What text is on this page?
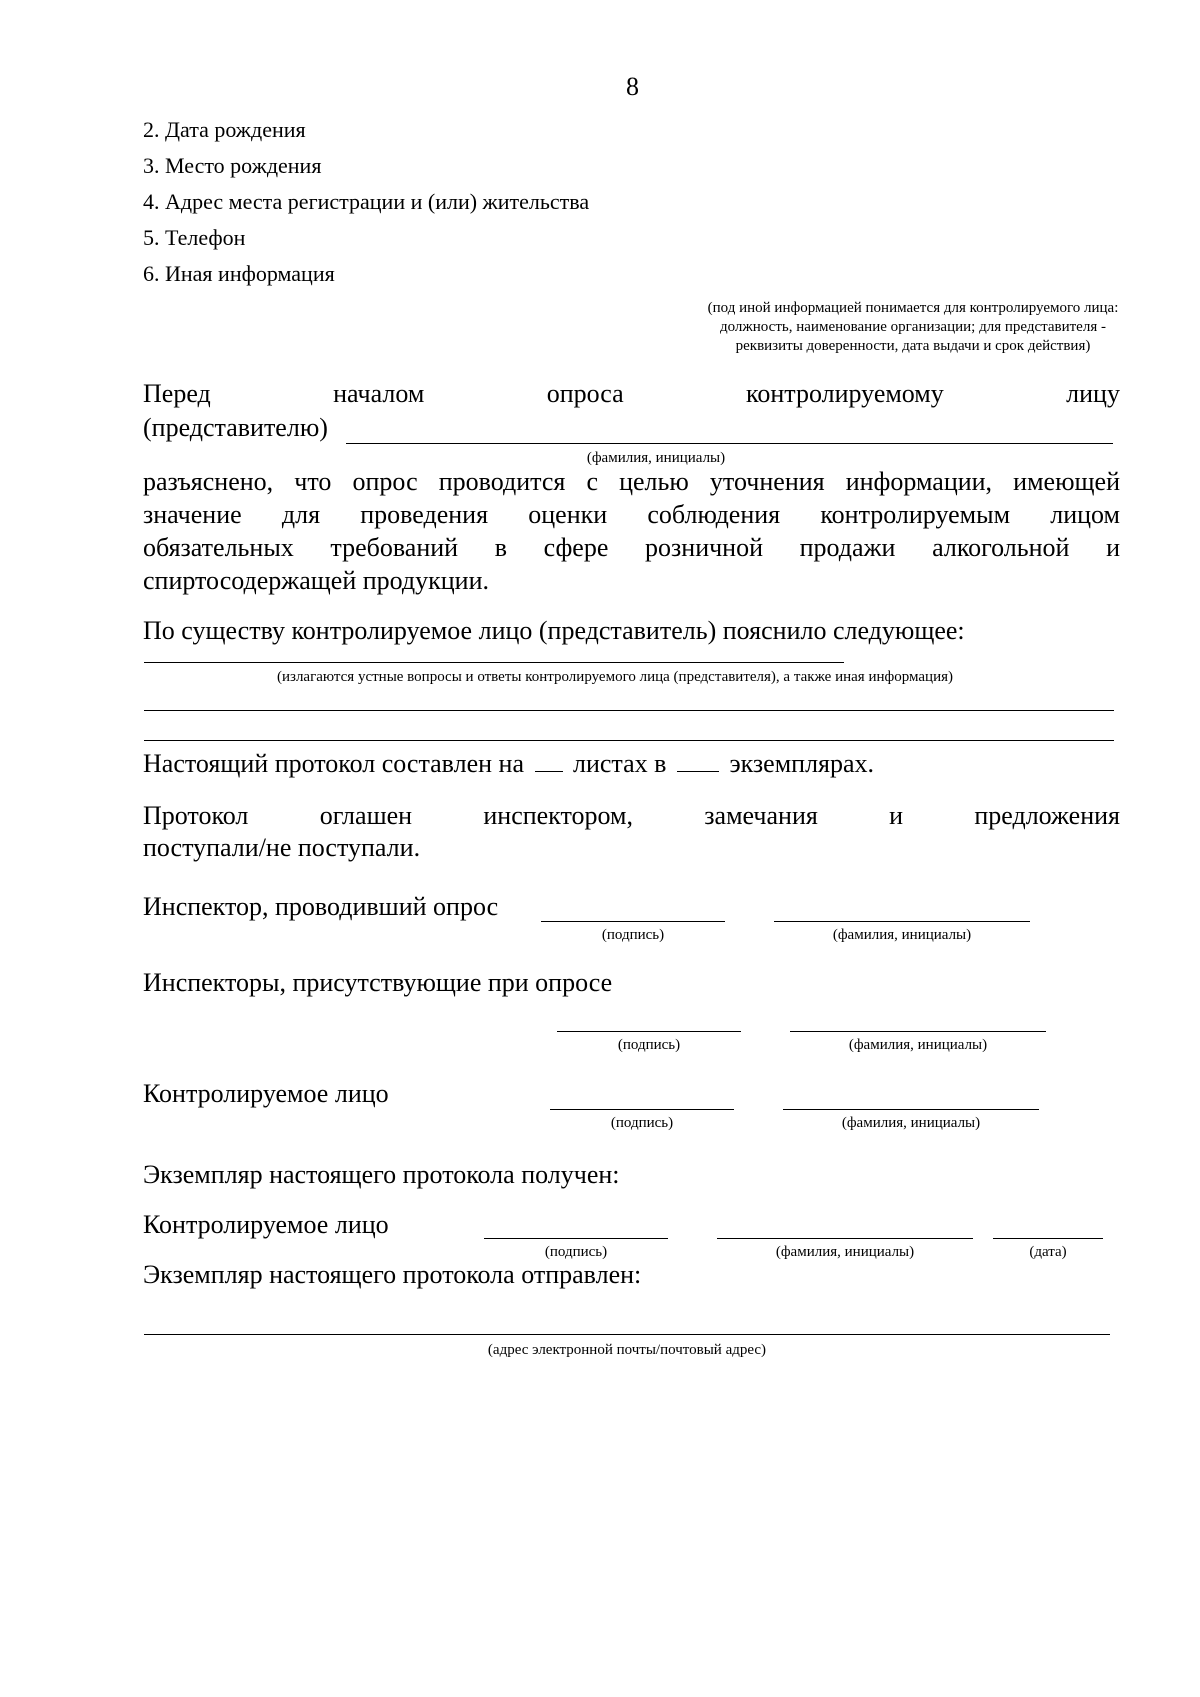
8
2. Дата рождения
3. Место рождения
4. Адрес места регистрации и (или) жительства
5. Телефон
6. Иная информация
(под иной информацией понимается для контролируемого лица:
должность, наименование организации; для представителя -
реквизиты доверенности, дата выдачи и срок действия)
Перед	началом	опроса	контролируемому	лицу
(представителю)
(фамилия, инициалы)
разъяснено, что опрос проводится с целью уточнения информации, имеющей
значение для проведения оценки соблюдения контролируемым лицом
обязательных требований в сфере розничной продажи алкогольной и
спиртосодержащей продукции.
По существу контролируемое лицо (представитель) пояснило следующее:
(излагаются устные вопросы и ответы контролируемого лица (представителя), а также иная информация)
Настоящий протокол составлен на листах в экземплярах.
Протокол оглашен инспектором, замечания и предложения
поступали/не поступали.
Инспектор, проводивший опрос
(подпись)	(фамилия, инициалы)
Инспекторы, присутствующие при опросе
(подпись)	(фамилия, инициалы)
Контролируемое лицо
(подпись)	(фамилия, инициалы)
Экземпляр настоящего протокола получен:
Контролируемое лицо
(подпись)	(фамилия, инициалы)	(дата)
Экземпляр настоящего протокола отправлен:
(адрес электронной почты/почтовый адрес)
